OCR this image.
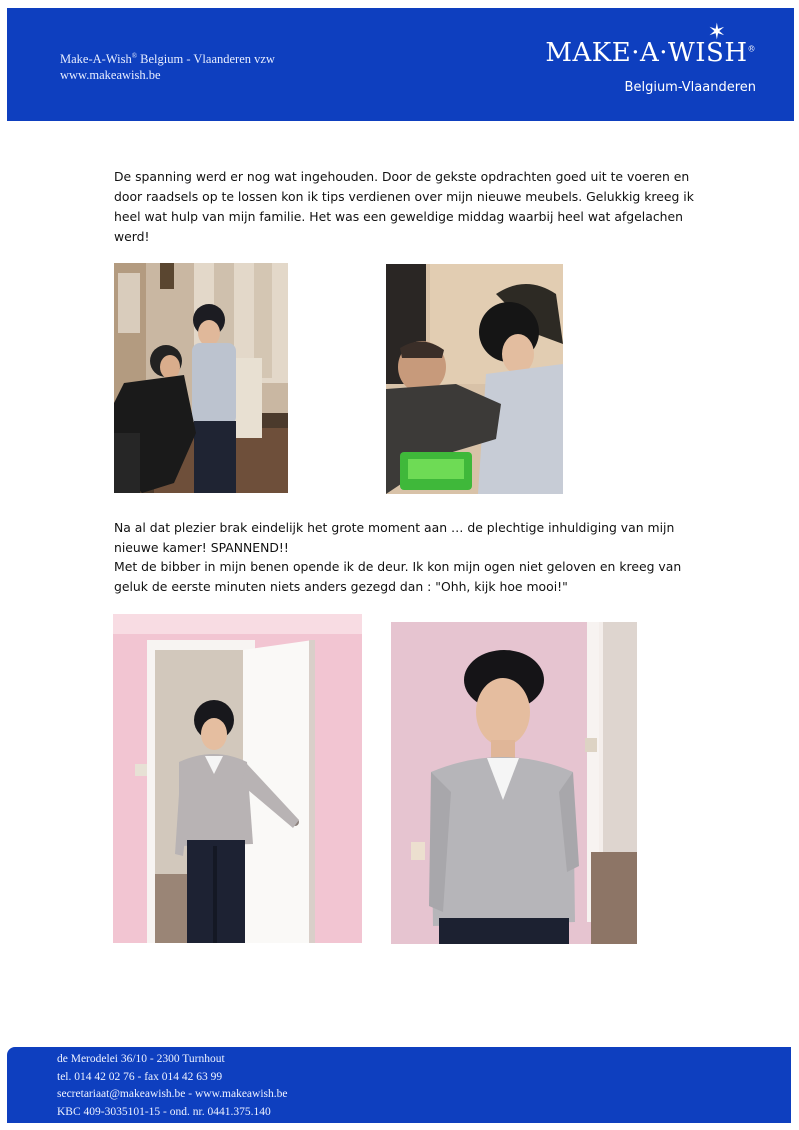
Make-A-Wish® Belgium - Vlaanderen vzw
www.makeawish.be
✶
MAKE·A·WISH®
Belgium-Vlaanderen

De spanning werd er nog wat ingehouden. Door de gekste opdrachten goed uit te voeren en door raadsels op te lossen kon ik tips verdienen over mijn nieuwe meubels. Gelukkig kreeg ik heel wat hulp van mijn familie. Het was een geweldige middag waarbij heel wat afgelachen werd!

Na al dat plezier brak eindelijk het grote moment aan … de plechtige inhuldiging van mijn nieuwe kamer! SPANNEND!!

Met de bibber in mijn benen opende ik de deur. Ik kon mijn ogen niet geloven en kreeg van geluk de eerste minuten niets anders gezegd dan : "Ohh, kijk hoe mooi!"

de Merodelei 36/10 - 2300 Turnhout
tel. 014 42 02 76 - fax 014 42 63 99
secretariaat@makeawish.be - www.makeawish.be
KBC 409-3035101-15 - ond. nr. 0441.375.140
